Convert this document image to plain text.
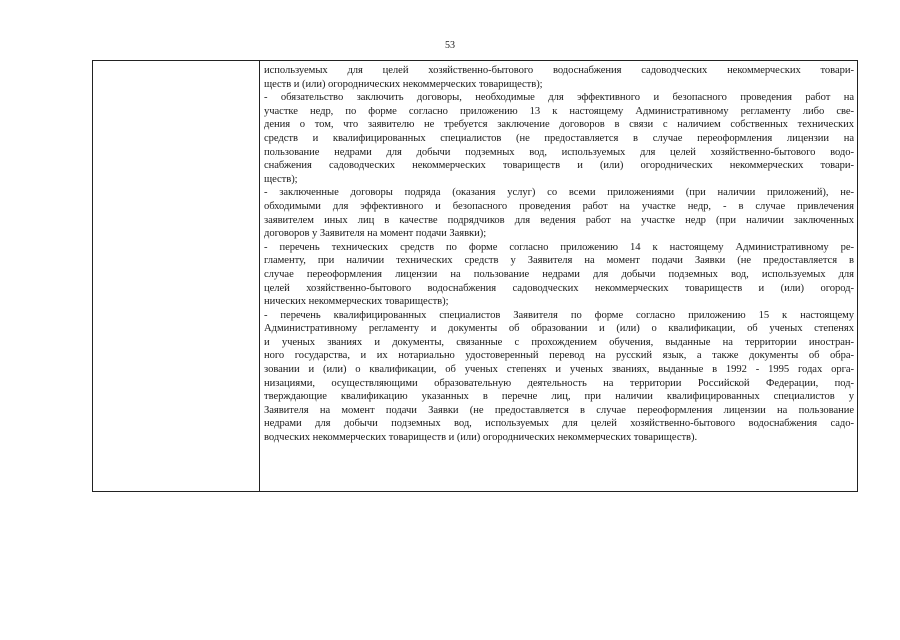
53

используемых для целей хозяйственно-бытового водоснабжения садоводческих некоммерческих товари-
ществ и (или) огороднических некоммерческих товариществ);
- обязательство заключить договоры, необходимые для эффективного и безопасного проведения работ на
участке недр, по форме согласно приложению 13 к настоящему Административному регламенту либо све-
дения о том, что заявителю не требуется заключение договоров в связи с наличием собственных технических
средств и квалифицированных специалистов (не предоставляется в случае переоформления лицензии на
пользование недрами для добычи подземных вод, используемых для целей хозяйственно-бытового водо-
снабжения садоводческих некоммерческих товариществ и (или) огороднических некоммерческих товари-
ществ);
- заключенные договоры подряда (оказания услуг) со всеми приложениями (при наличии приложений), не-
обходимыми для эффективного и безопасного проведения работ на участке недр, - в случае привлечения
заявителем иных лиц в качестве подрядчиков для ведения работ на участке недр (при наличии заключенных
договоров у Заявителя на момент подачи Заявки);
- перечень технических средств по форме согласно приложению 14 к настоящему Административному ре-
гламенту, при наличии технических средств у Заявителя на момент подачи Заявки (не предоставляется в
случае переоформления лицензии на пользование недрами для добычи подземных вод, используемых для
целей хозяйственно-бытового водоснабжения садоводческих некоммерческих товариществ и (или) огород-
нических некоммерческих товариществ);
- перечень квалифицированных специалистов Заявителя по форме согласно приложению 15 к настоящему
Административному регламенту и документы об образовании и (или) о квалификации, об ученых степенях
и ученых званиях и документы, связанные с прохождением обучения, выданные на территории иностран-
ного государства, и их нотариально удостоверенный перевод на русский язык, а также документы об обра-
зовании и (или) о квалификации, об ученых степенях и ученых званиях, выданные в 1992 - 1995 годах орга-
низациями, осуществляющими образовательную деятельность на территории Российской Федерации, под-
тверждающие квалификацию указанных в перечне лиц, при наличии квалифицированных специалистов у
Заявителя на момент подачи Заявки (не предоставляется в случае переоформления лицензии на пользование
недрами для добычи подземных вод, используемых для целей хозяйственно-бытового водоснабжения садо-
водческих некоммерческих товариществ и (или) огороднических некоммерческих товариществ).
